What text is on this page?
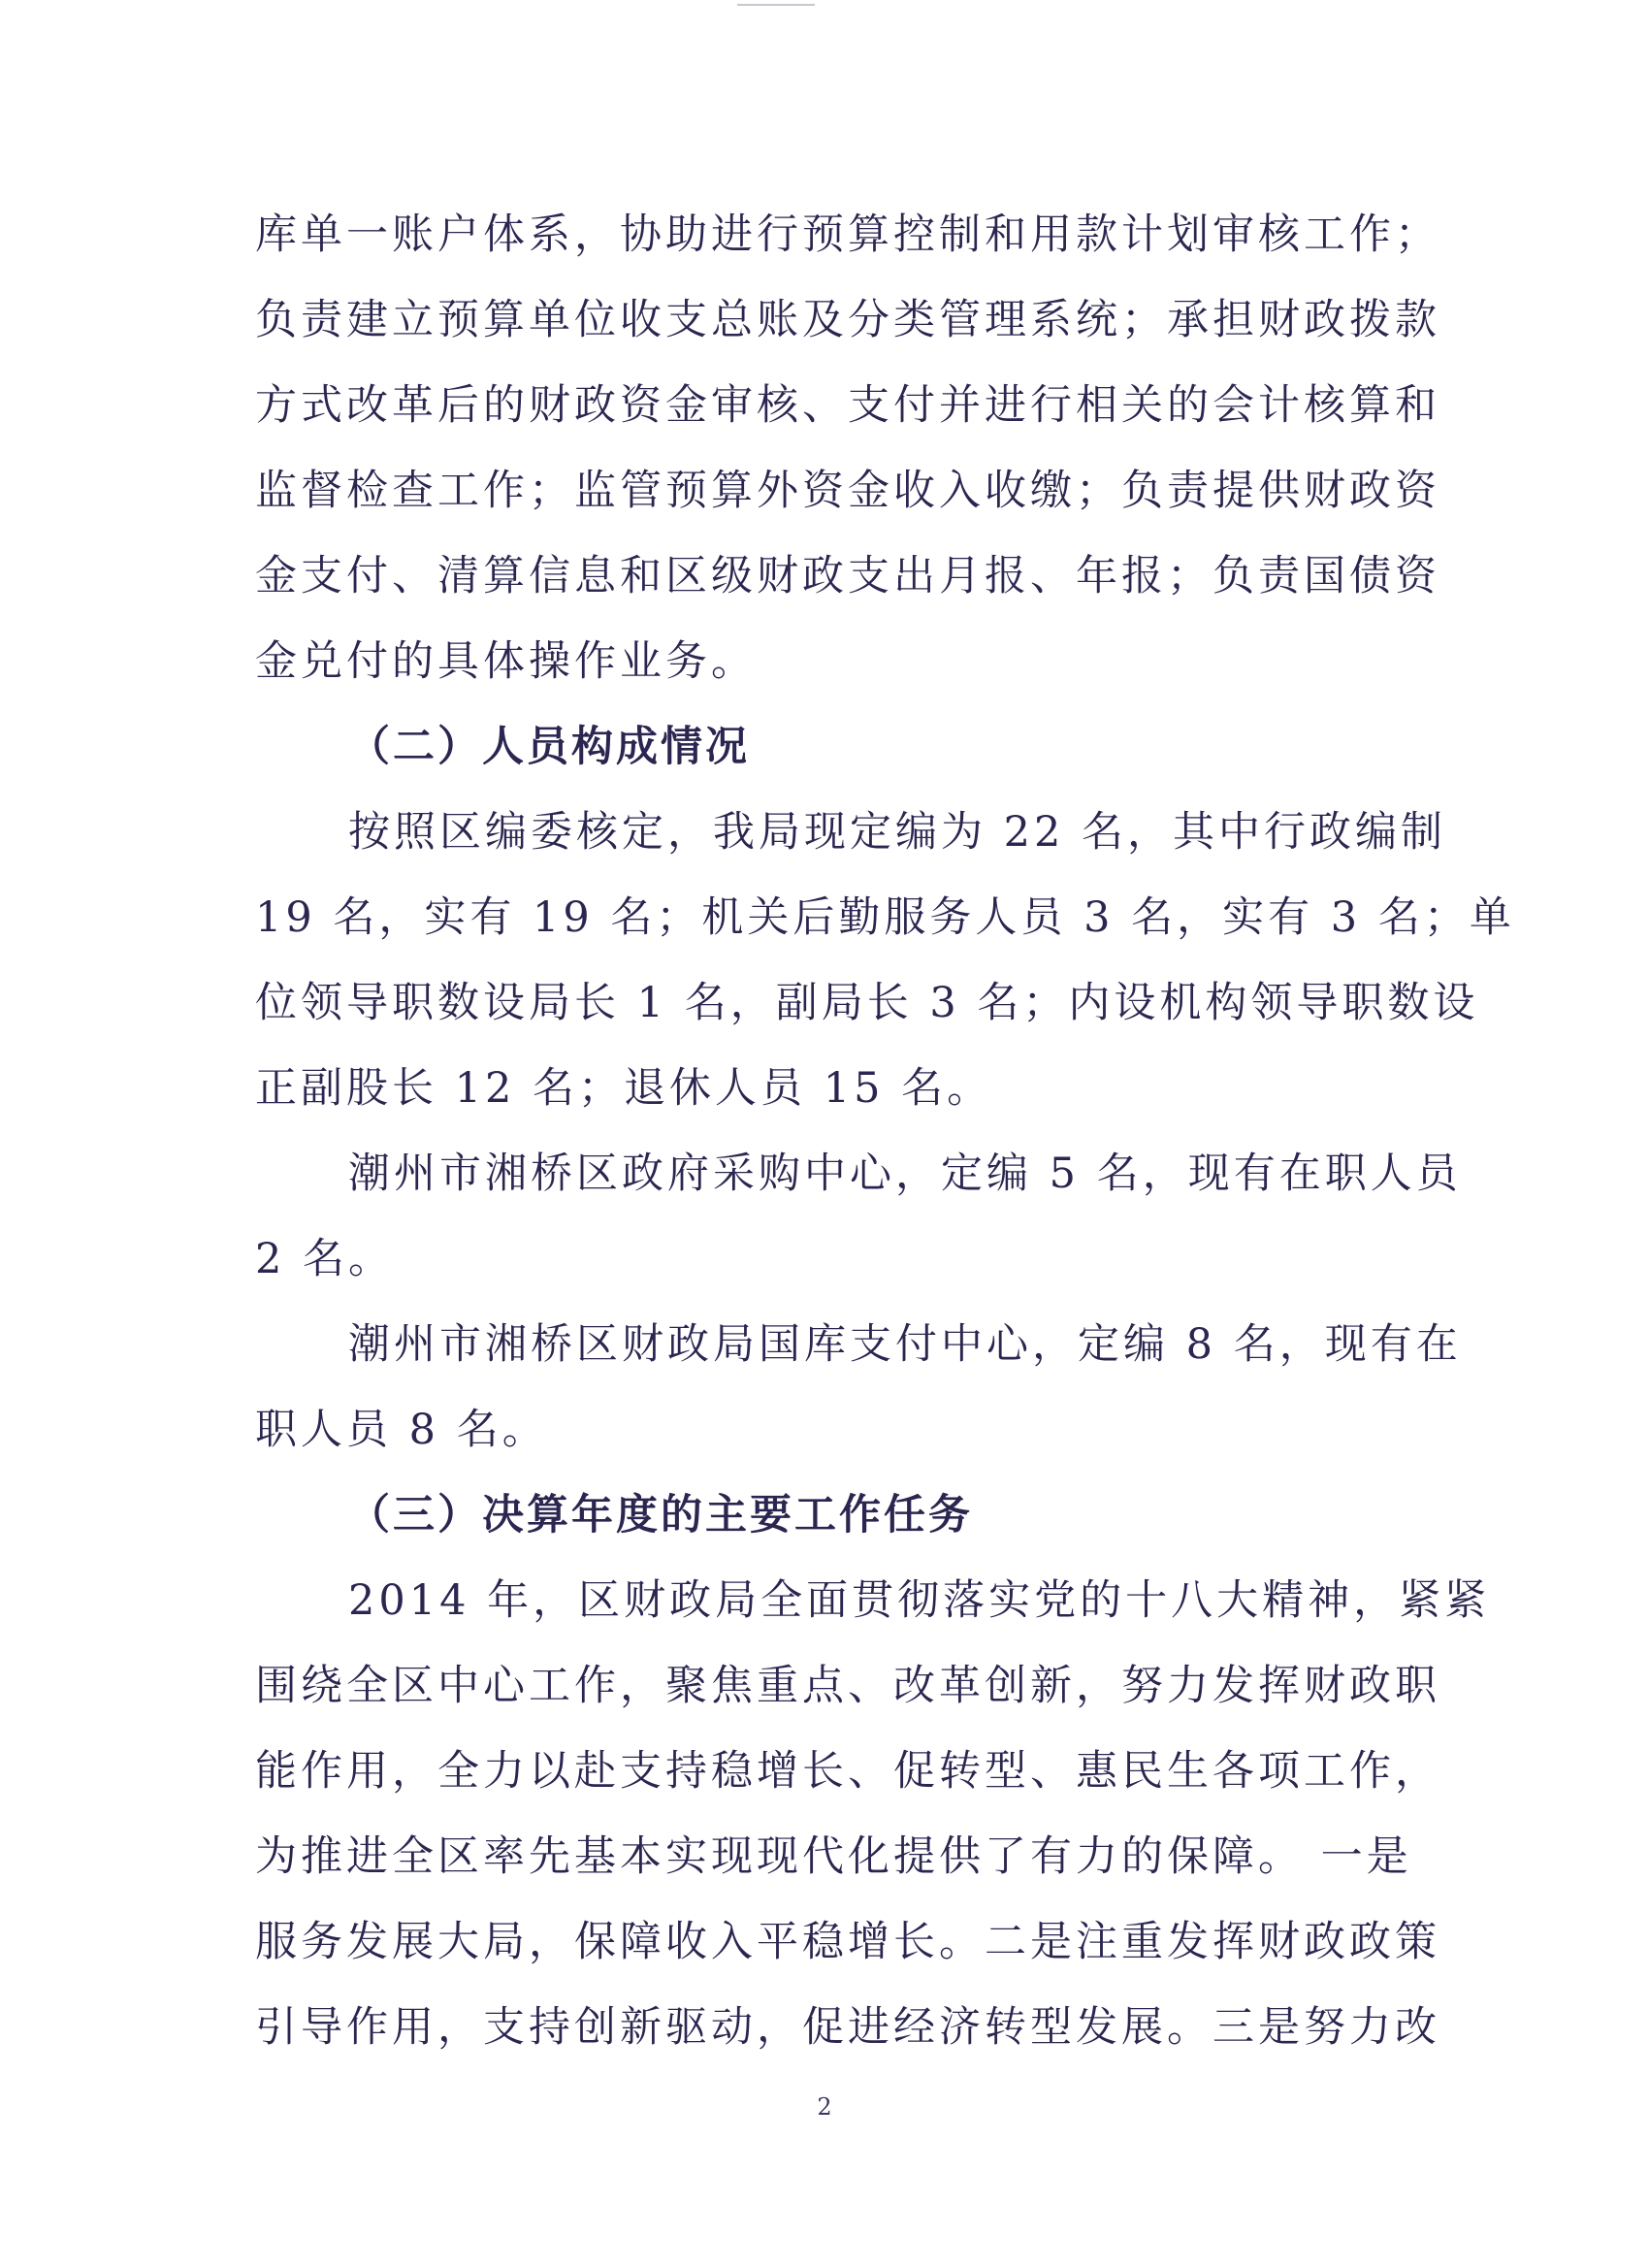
库单一账户体系，协助进行预算控制和用款计划审核工作；
负责建立预算单位收支总账及分类管理系统；承担财政拨款
方式改革后的财政资金审核、支付并进行相关的会计核算和
监督检查工作；监管预算外资金收入收缴；负责提供财政资
金支付、清算信息和区级财政支出月报、年报；负责国债资
金兑付的具体操作业务。
（二）人员构成情况
按照区编委核定，我局现定编为 22 名，其中行政编制
19 名，实有 19 名；机关后勤服务人员 3 名，实有 3 名；单
位领导职数设局长 1 名，副局长 3 名；内设机构领导职数设
正副股长 12 名；退休人员 15 名。
潮州市湘桥区政府采购中心，定编 5 名，现有在职人员
2 名。
潮州市湘桥区财政局国库支付中心，定编 8 名，现有在
职人员 8 名。
（三）决算年度的主要工作任务
2014 年，区财政局全面贯彻落实党的十八大精神，紧紧
围绕全区中心工作，聚焦重点、改革创新，努力发挥财政职
能作用，全力以赴支持稳增长、促转型、惠民生各项工作，
为推进全区率先基本实现现代化提供了有力的保障。 一是
服务发展大局，保障收入平稳增长。二是注重发挥财政政策
引导作用，支持创新驱动，促进经济转型发展。三是努力改
2
